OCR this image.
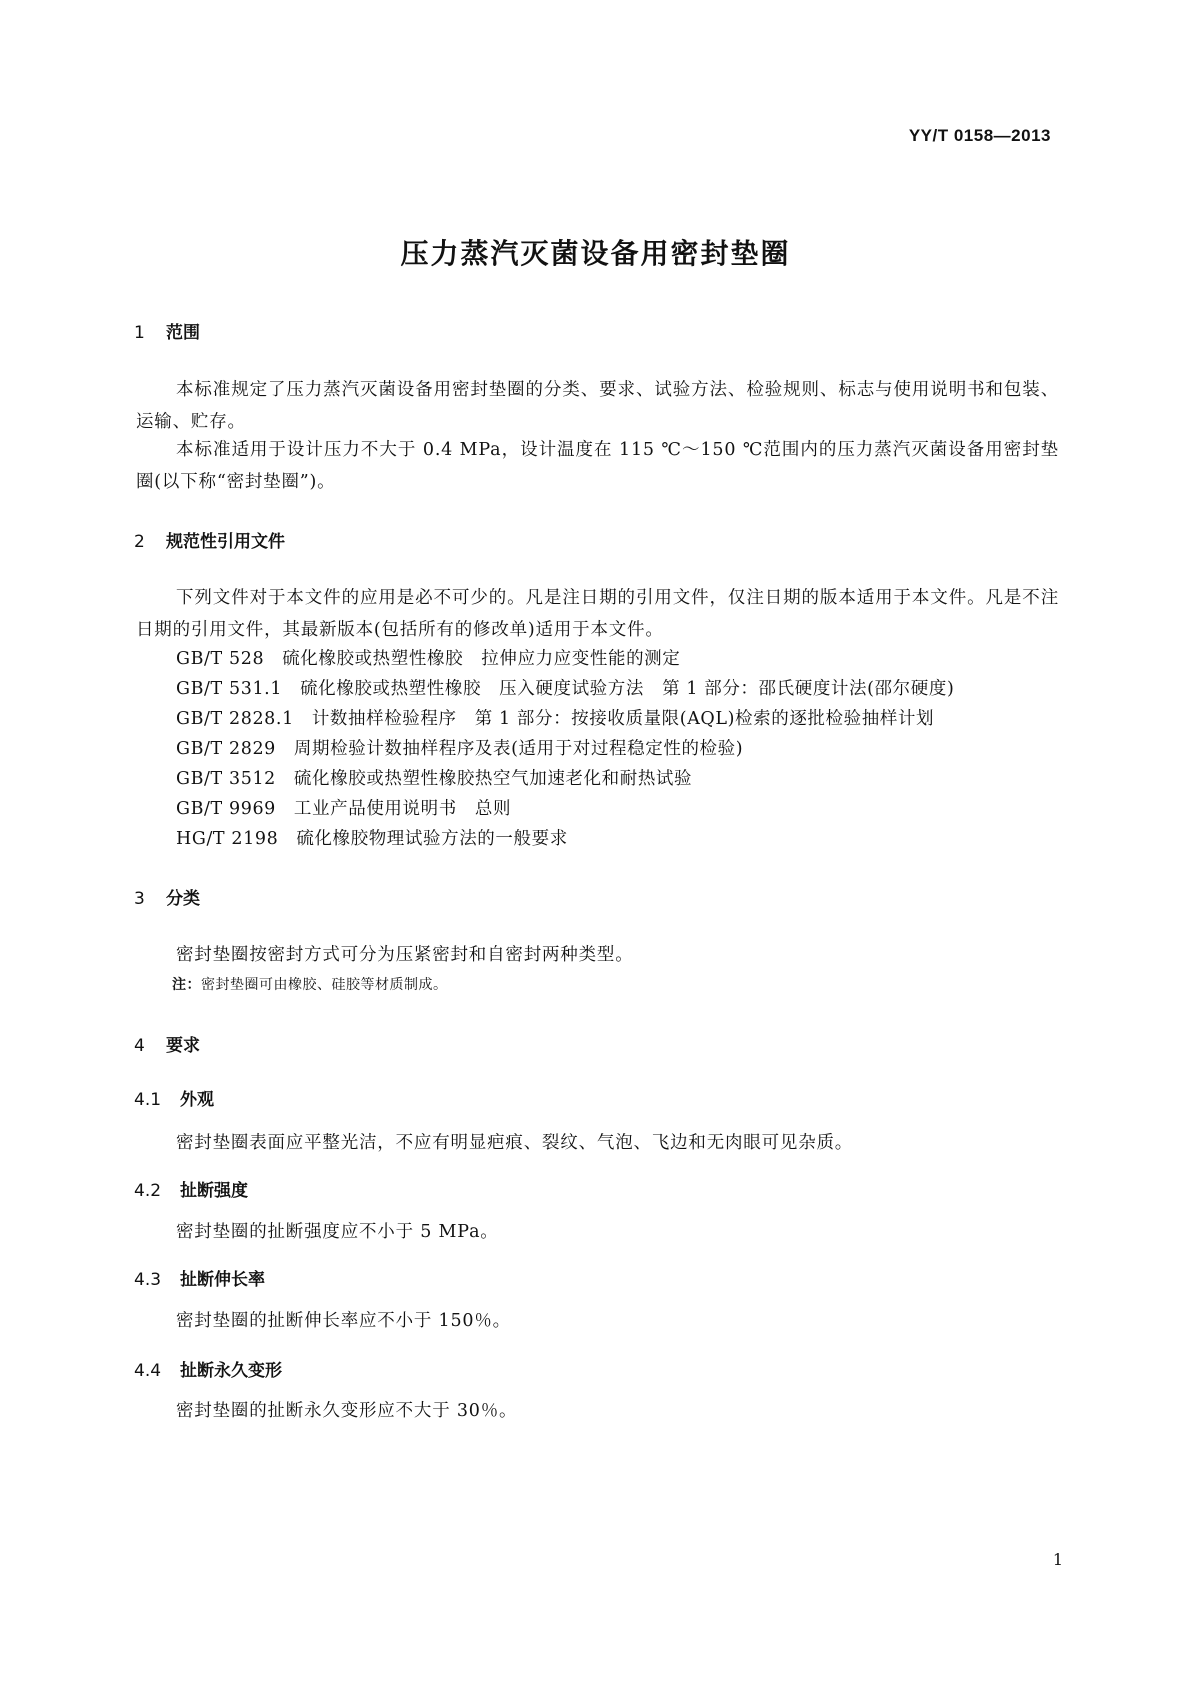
YY/T 0158—2013
压力蒸汽灭菌设备用密封垫圈
1 范围
本标准规定了压力蒸汽灭菌设备用密封垫圈的分类、要求、试验方法、检验规则、标志与使用说明书和包装、运输、贮存。
本标准适用于设计压力不大于 0.4 MPa，设计温度在 115 ℃～150 ℃范围内的压力蒸汽灭菌设备用密封垫圈(以下称“密封垫圈”)。
2 规范性引用文件
下列文件对于本文件的应用是必不可少的。凡是注日期的引用文件，仅注日期的版本适用于本文件。凡是不注日期的引用文件，其最新版本(包括所有的修改单)适用于本文件。
GB/T 528 硫化橡胶或热塑性橡胶　拉伸应力应变性能的测定
GB/T 531.1 硫化橡胶或热塑性橡胶　压入硬度试验方法　第 1 部分：邵氏硬度计法(邵尔硬度)
GB/T 2828.1 计数抽样检验程序　第 1 部分：按接收质量限(AQL)检索的逐批检验抽样计划
GB/T 2829 周期检验计数抽样程序及表(适用于对过程稳定性的检验)
GB/T 3512 硫化橡胶或热塑性橡胶热空气加速老化和耐热试验
GB/T 9969 工业产品使用说明书　总则
HG/T 2198 硫化橡胶物理试验方法的一般要求
3 分类
密封垫圈按密封方式可分为压紧密封和自密封两种类型。
注：密封垫圈可由橡胶、硅胶等材质制成。
4 要求
4.1 外观
密封垫圈表面应平整光洁，不应有明显疤痕、裂纹、气泡、飞边和无肉眼可见杂质。
4.2 扯断强度
密封垫圈的扯断强度应不小于 5 MPa。
4.3 扯断伸长率
密封垫圈的扯断伸长率应不小于 150％。
4.4 扯断永久变形
密封垫圈的扯断永久变形应不大于 30％。
1
